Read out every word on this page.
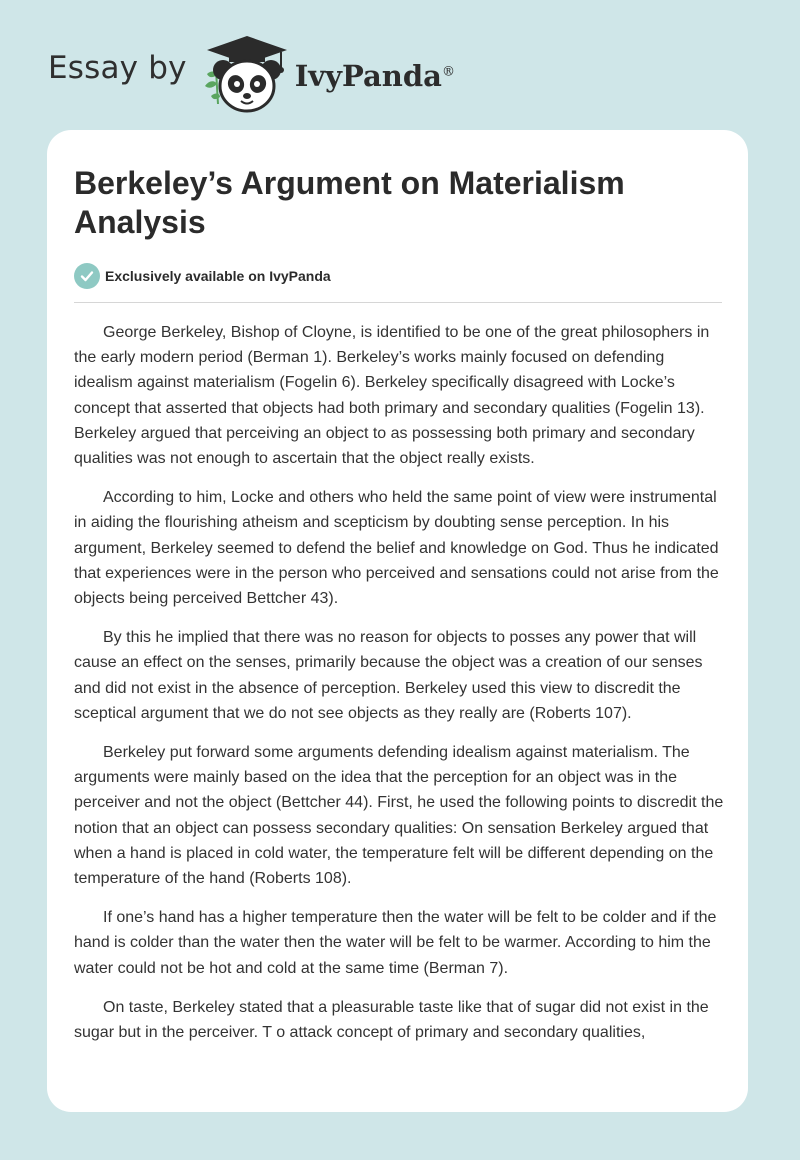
Essay by	IvyPanda®
Berkeley’s Argument on Materialism Analysis
Exclusively available on IvyPanda

George Berkeley, Bishop of Cloyne, is identified to be one of the great philosophers in the early modern period (Berman 1). Berkeley’s works mainly focused on defending idealism against materialism (Fogelin 6). Berkeley specifically disagreed with Locke’s concept that asserted that objects had both primary and secondary qualities (Fogelin 13). Berkeley argued that perceiving an object to as possessing both primary and secondary qualities was not enough to ascertain that the object really exists.

According to him, Locke and others who held the same point of view were instrumental in aiding the flourishing atheism and scepticism by doubting sense perception. In his argument, Berkeley seemed to defend the belief and knowledge on God. Thus he indicated that experiences were in the person who perceived and sensations could not arise from the objects being perceived Bettcher 43).

By this he implied that there was no reason for objects to posses any power that will cause an effect on the senses, primarily because the object was a creation of our senses and did not exist in the absence of perception. Berkeley used this view to discredit the sceptical argument that we do not see objects as they really are (Roberts 107).

Berkeley put forward some arguments defending idealism against materialism. The arguments were mainly based on the idea that the perception for an object was in the perceiver and not the object (Bettcher 44). First, he used the following points to discredit the notion that an object can possess secondary qualities: On sensation Berkeley argued that when a hand is placed in cold water, the temperature felt will be different depending on the temperature of the hand (Roberts 108).

If one’s hand has a higher temperature then the water will be felt to be colder and if the hand is colder than the water then the water will be felt to be warmer. According to him the water could not be hot and cold at the same time (Berman 7).

On taste, Berkeley stated that a pleasurable taste like that of sugar did not exist in the sugar but in the perceiver. T o attack concept of primary and secondary qualities,
